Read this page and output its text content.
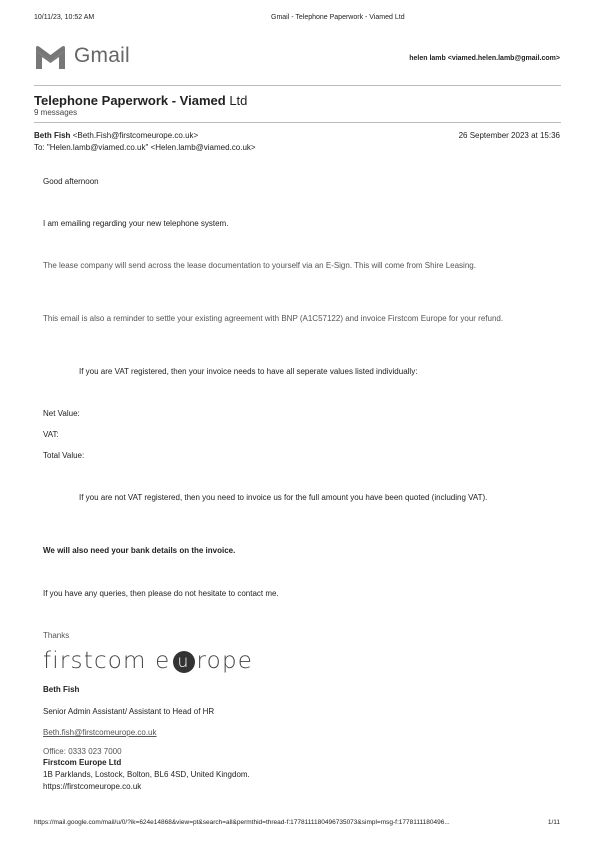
10/11/23, 10:52 AM	Gmail - Telephone Paperwork - Viamed Ltd
Gmail	helen lamb <viamed.helen.lamb@gmail.com>
Telephone Paperwork - Viamed Ltd
9 messages
Beth Fish <Beth.Fish@firstcomeurope.co.uk>	26 September 2023 at 15:36
To: "Helen.lamb@viamed.co.uk" <Helen.lamb@viamed.co.uk>
Good afternoon
I am emailing regarding your new telephone system.
The lease company will send across the lease documentation to yourself via an E-Sign. This will come from Shire Leasing.
This email is also a reminder to settle your existing agreement with BNP (A1C57122) and invoice Firstcom Europe for your refund.
If you are VAT registered, then your invoice needs to have all seperate values listed individually:
Net Value:
VAT:
Total Value:
If you are not VAT registered, then you need to invoice us for the full amount you have been quoted (including VAT).
We will also need your bank details on the invoice.
If you have any queries, then please do not hesitate to contact me.
Thanks
firstcom e u rope
Beth Fish
Senior Admin Assistant/ Assistant to Head of HR
Beth.fish@firstcomeurope.co.uk
Office: 0333 023 7000
Firstcom Europe Ltd
1B Parklands, Lostock, Bolton, BL6 4SD, United Kingdom.
https://firstcomeurope.co.uk
https://mail.google.com/mail/u/0/?ik=624e14868&view=pt&search=all&permthid=thread-f:1778111180496735073&simpl=msg-f:1778111180496...	1/11
